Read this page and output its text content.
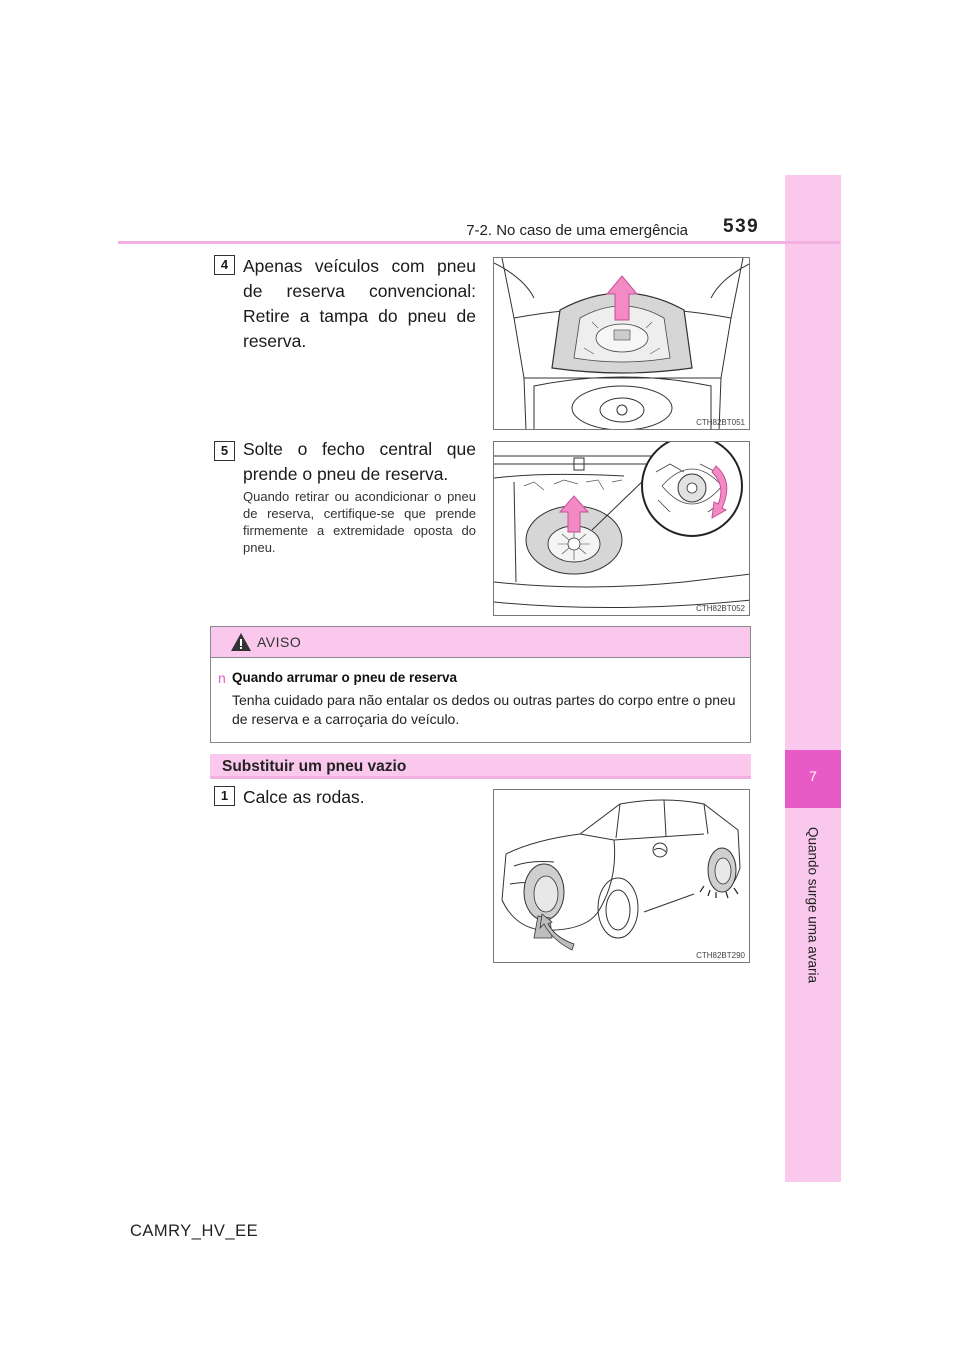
7
Quando surge uma avaria
7-2. No caso de uma emergência 539
4 Apenas veículos com pneu de reserva convencional: Retire a tampa do pneu de reserva.
CTH82BT051
5 Solte o fecho central que prende o pneu de reserva.
Quando retirar ou acondicionar o pneu de reserva, certifique-se que prende firmemente a extremidade oposta do pneu.
CTH82BT052
AVISO
n Quando arrumar o pneu de reserva
Tenha cuidado para não entalar os dedos ou outras partes do corpo entre o pneu de reserva e a carroçaria do veículo.
Substituir um pneu vazio
1 Calce as rodas.
CTH82BT290
CAMRY_HV_EE
